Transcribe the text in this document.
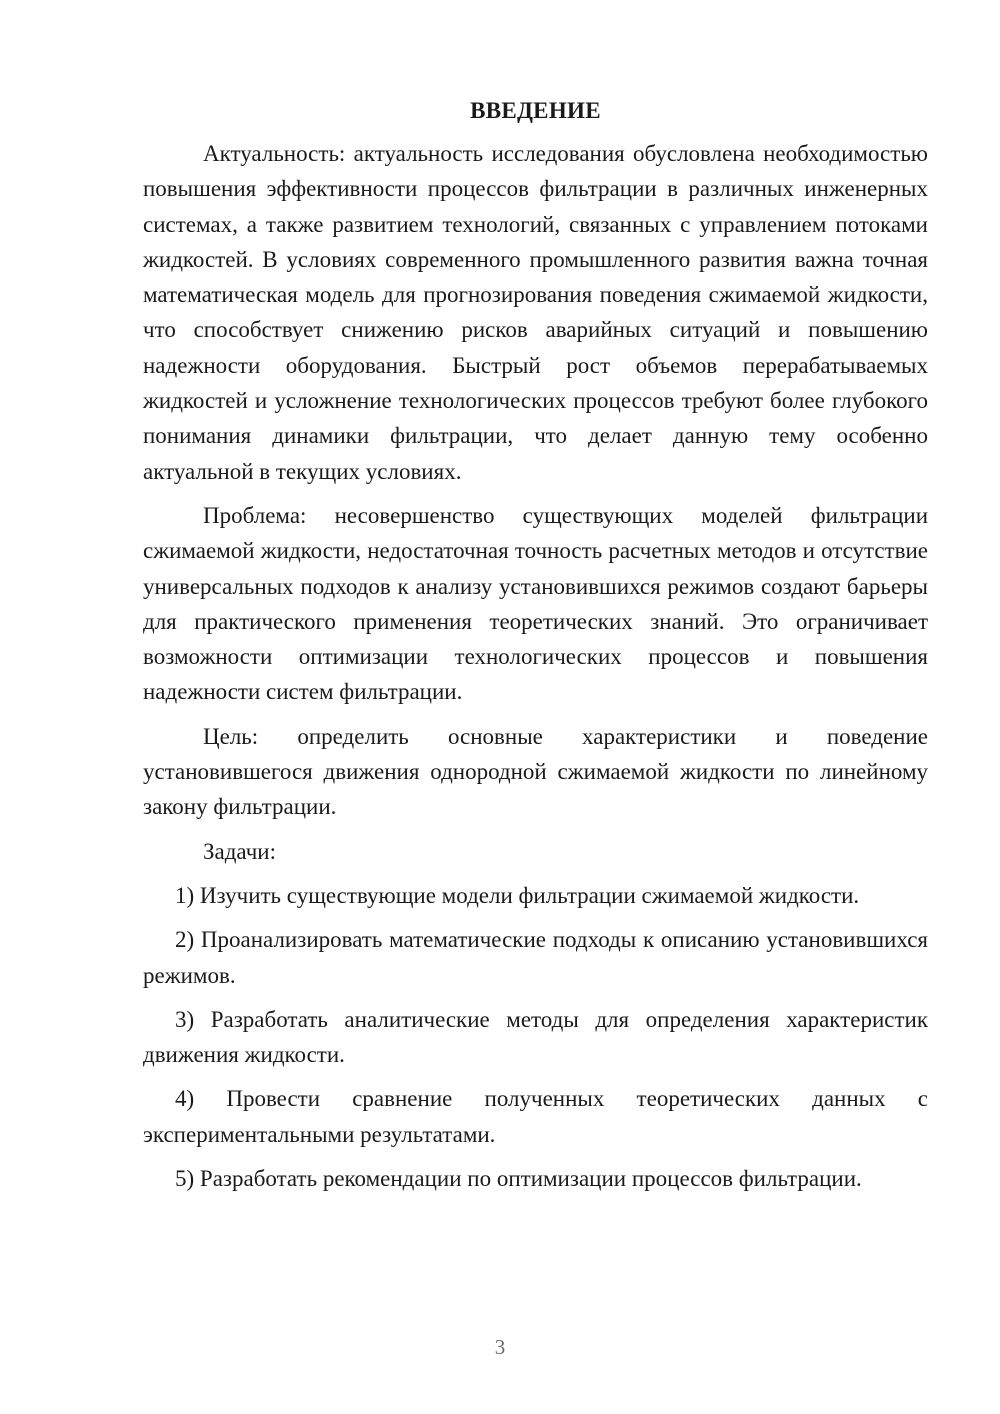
ВВЕДЕНИЕ

Актуальность: актуальность исследования обусловлена необходимостью повышения эффективности процессов фильтрации в различных инженерных системах, а также развитием технологий, связанных с управлением потоками жидкостей. В условиях современного промышленного развития важна точная математическая модель для прогнозирования поведения сжимаемой жидкости, что способствует снижению рисков аварийных ситуаций и повышению надежности оборудования. Быстрый рост объемов перерабатываемых жидкостей и усложнение технологических процессов требуют более глубокого понимания динамики фильтрации, что делает данную тему особенно актуальной в текущих условиях.

Проблема: несовершенство существующих моделей фильтрации сжимаемой жидкости, недостаточная точность расчетных методов и отсутствие универсальных подходов к анализу установившихся режимов создают барьеры для практического применения теоретических знаний. Это ограничивает возможности оптимизации технологических процессов и повышения надежности систем фильтрации.

Цель: определить основные характеристики и поведение установившегося движения однородной сжимаемой жидкости по линейному закону фильтрации.

Задачи:

1) Изучить существующие модели фильтрации сжимаемой жидкости.

2) Проанализировать математические подходы к описанию установившихся режимов.

3) Разработать аналитические методы для определения характеристик движения жидкости.

4) Провести сравнение полученных теоретических данных с экспериментальными результатами.

5) Разработать рекомендации по оптимизации процессов фильтрации.

3
